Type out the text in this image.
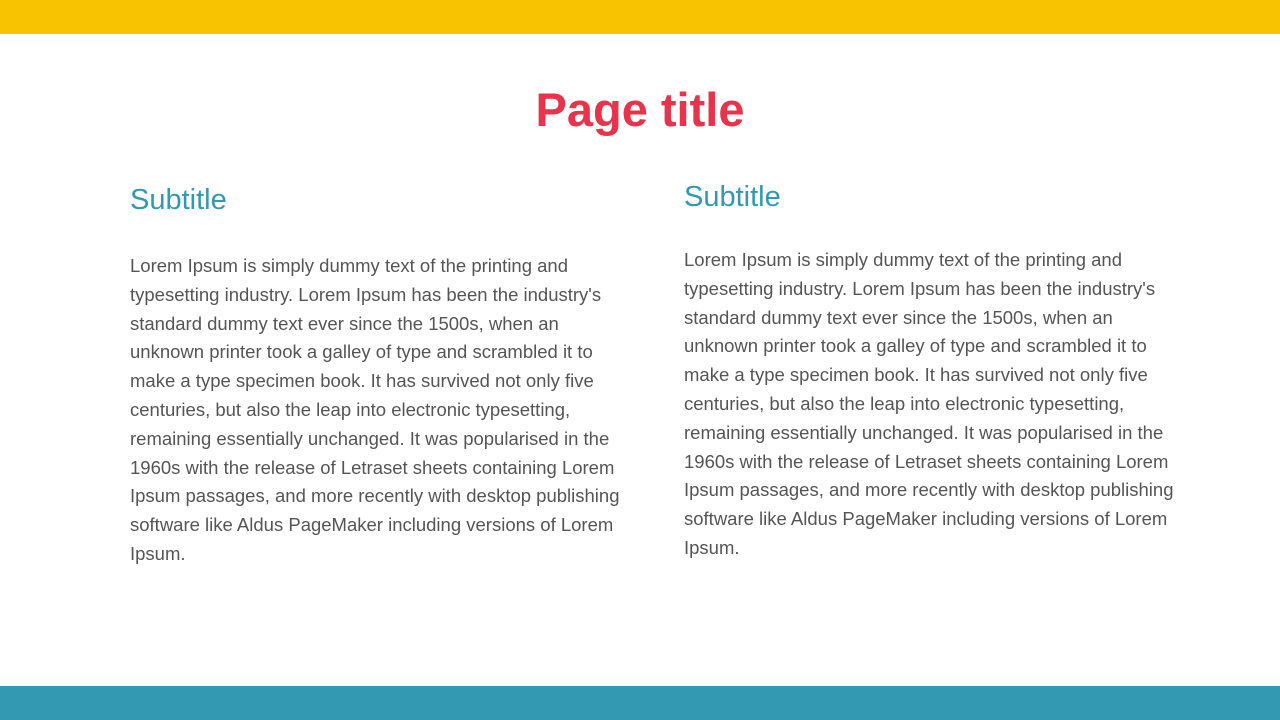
Page title
Subtitle

Lorem Ipsum is simply dummy text of the printing and typesetting industry. Lorem Ipsum has been the industry's standard dummy text ever since the 1500s, when an unknown printer took a galley of type and scrambled it to make a type specimen book. It has survived not only five centuries, but also the leap into electronic typesetting, remaining essentially unchanged. It was popularised in the 1960s with the release of Letraset sheets containing Lorem Ipsum passages, and more recently with desktop publishing software like Aldus PageMaker including versions of Lorem Ipsum.

Subtitle

Lorem Ipsum is simply dummy text of the printing and typesetting industry. Lorem Ipsum has been the industry's standard dummy text ever since the 1500s, when an unknown printer took a galley of type and scrambled it to make a type specimen book. It has survived not only five centuries, but also the leap into electronic typesetting, remaining essentially unchanged. It was popularised in the 1960s with the release of Letraset sheets containing Lorem Ipsum passages, and more recently with desktop publishing software like Aldus PageMaker including versions of Lorem Ipsum.
